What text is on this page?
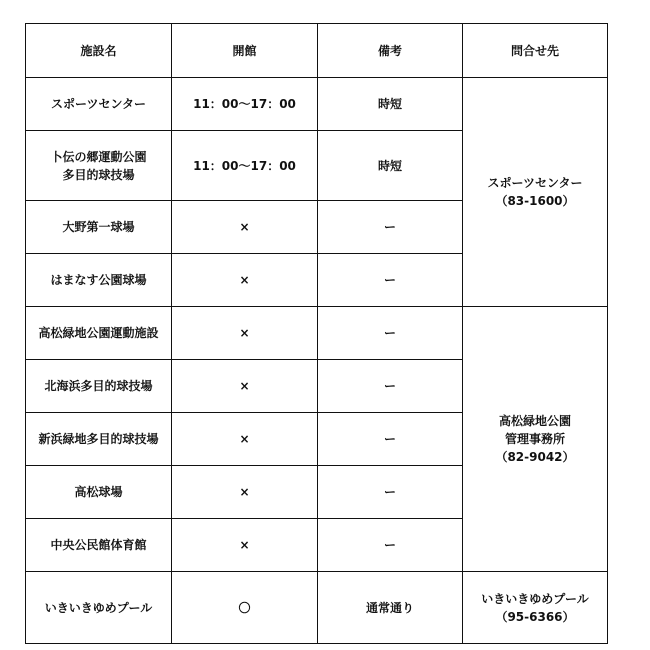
施設名	開館	備考	問合せ先
スポーツセンター	11：00〜17：00	時短	スポーツセンター
（83-1600）

卜伝の郷運動公園
多目的球技場	11：00〜17：00	時短	
大野第一球場	×	ー	
はまなす公園球場	×	ー	
高松緑地公園運動施設	×	ー	高松緑地公園
管理事務所
（82-9042）

北海浜多目的球技場	×	ー	
新浜緑地多目的球技場	×	ー	
高松球場	×	ー	
中央公民館体育館	×	ー	
いきいきゆめプール	〇	通常通り	いきいきゆめプール
（95-6366）
